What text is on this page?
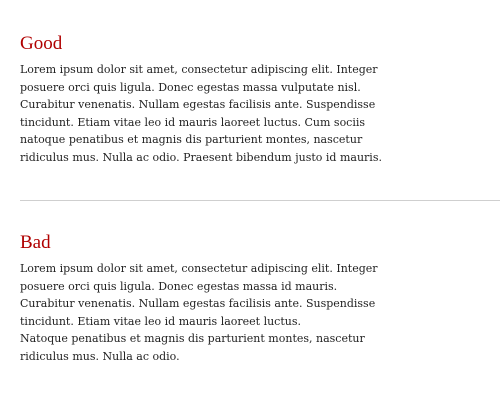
Good

Lorem ipsum dolor sit amet, consectetur adipiscing elit. Integer
posuere orci quis ligula. Donec egestas massa vulputate nisl.
Curabitur venenatis. Nullam egestas facilisis ante. Suspendisse
tincidunt. Etiam vitae leo id mauris laoreet luctus. Cum sociis
natoque penatibus et magnis dis parturient montes, nascetur
ridiculus mus. Nulla ac odio. Praesent bibendum justo id mauris.

Bad

Lorem ipsum dolor sit amet, consectetur adipiscing elit. Integer
posuere orci quis ligula. Donec egestas massa id mauris.
Curabitur venenatis. Nullam egestas facilisis ante. Suspendisse
tincidunt. Etiam vitae leo id mauris laoreet luctus.
Natoque penatibus et magnis dis parturient montes, nascetur
ridiculus mus. Nulla ac odio.
